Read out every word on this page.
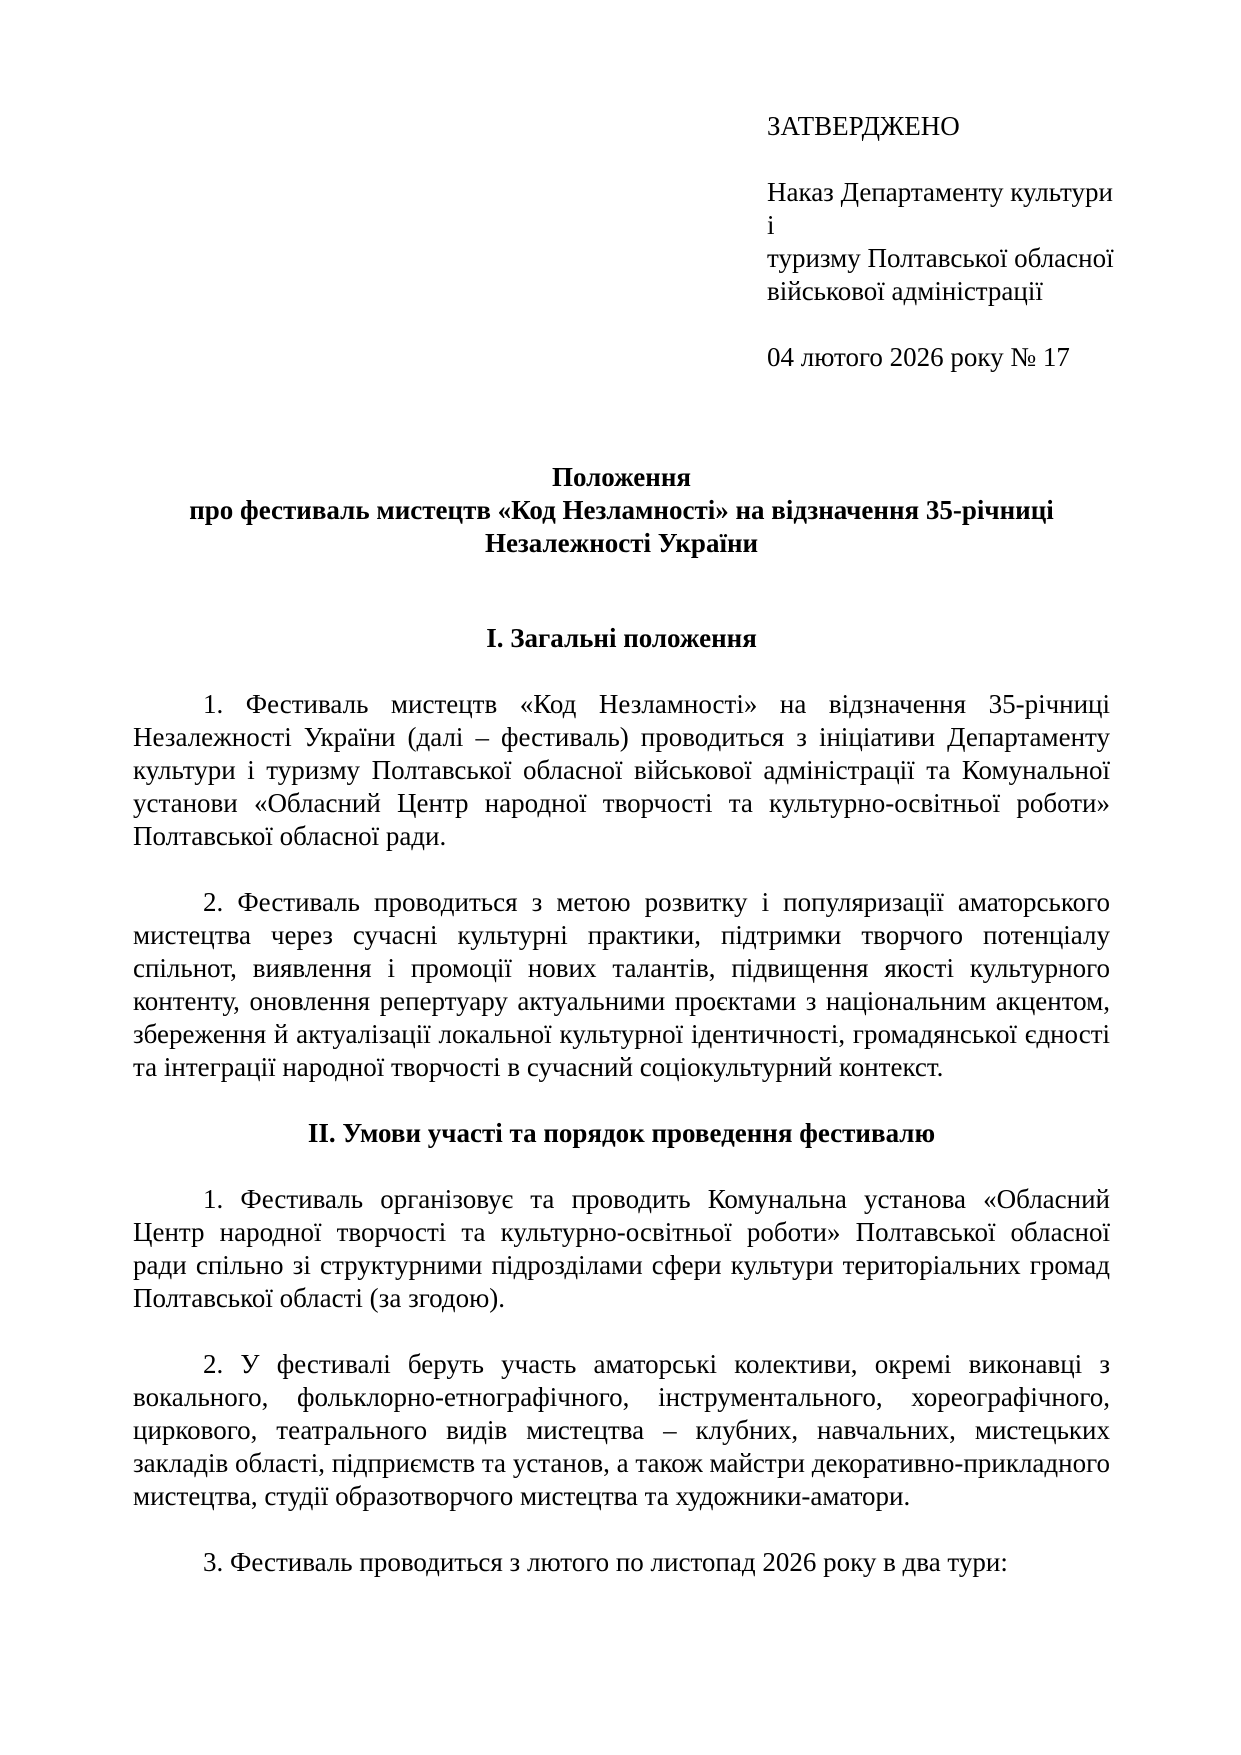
ЗАТВЕРДЖЕНО
Наказ Департаменту культури і
туризму Полтавської обласної
військової адміністрації
04 лютого 2026 року № 17
Положення
про фестиваль мистецтв «Код Незламності» на відзначення 35-річниці
Незалежності України
І. Загальні положення

1. Фестиваль мистецтв «Код Незламності» на відзначення 35-річниці Незалежності України (далі – фестиваль) проводиться з ініціативи Департаменту культури і туризму Полтавської обласної військової адміністрації та Комунальної установи «Обласний Центр народної творчості та культурно-освітньої роботи» Полтавської обласної ради.

2. Фестиваль проводиться з метою розвитку і популяризації аматорського мистецтва через сучасні культурні практики, підтримки творчого потенціалу спільнот, виявлення і промоції нових талантів, підвищення якості культурного контенту, оновлення репертуару актуальними проєктами з національним акцентом, збереження й актуалізації локальної культурної ідентичності, громадянської єдності та інтеграції народної творчості в сучасний соціокультурний контекст.

ІІ. Умови участі та порядок проведення фестивалю

1. Фестиваль організовує та проводить Комунальна установа «Обласний Центр народної творчості та культурно-освітньої роботи» Полтавської обласної ради спільно зі структурними підрозділами сфери культури територіальних громад Полтавської області (за згодою).

2. У фестивалі беруть участь аматорські колективи, окремі виконавці з вокального, фольклорно-етнографічного, інструментального, хореографічного, циркового, театрального видів мистецтва – клубних, навчальних, мистецьких закладів області, підприємств та установ, а також майстри декоративно-прикладного мистецтва, студії образотворчого мистецтва та художники-аматори.

3. Фестиваль проводиться з лютого по листопад 2026 року в два тури:
